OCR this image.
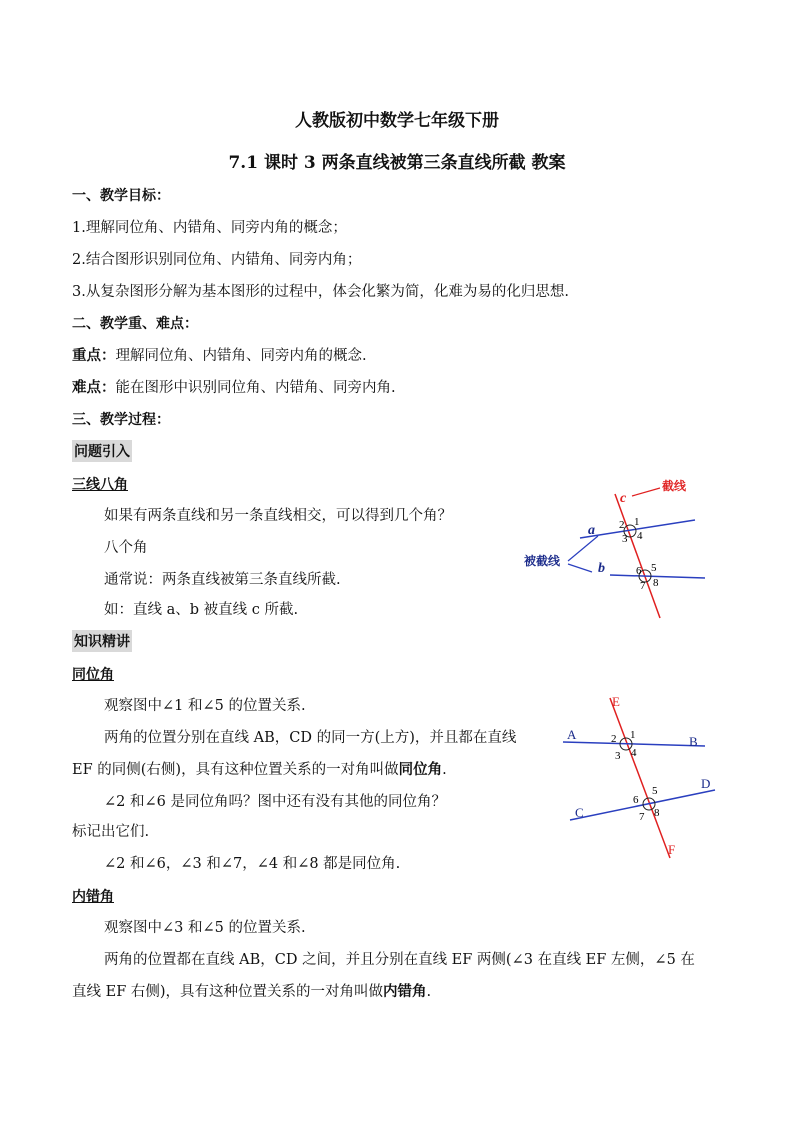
人教版初中数学七年级下册
7.1 课时 3 两条直线被第三条直线所截 教案
一、教学目标：
1.理解同位角、内错角、同旁内角的概念；
2.结合图形识别同位角、内错角、同旁内角；
3.从复杂图形分解为基本图形的过程中，体会化繁为简，化难为易的化归思想.
二、教学重、难点：
重点：理解同位角、内错角、同旁内角的概念.
难点：能在图形中识别同位角、内错角、同旁内角.
三、教学过程：
问题引入
三线八角
如果有两条直线和另一条直线相交，可以得到几个角？
八个角
通常说：两条直线被第三条直线所截.
如：直线 a、b 被直线 c 所截.
截线
被截线
c
a
b
1
2
3 4
5
6
7 8
知识精讲
同位角
观察图中∠1 和∠5 的位置关系.
两角的位置分别在直线 AB，CD 的同一方(上方)，并且都在直线
EF 的同侧(右侧)，具有这种位置关系的一对角叫做同位角.
∠2 和∠6 是同位角吗？图中还有没有其他的同位角？
标记出它们.
∠2 和∠6，∠3 和∠7，∠4 和∠8 都是同位角.
E
F
A	B
C
D
1
2
3 4
5
6
7 8
内错角
观察图中∠3 和∠5 的位置关系.
两角的位置都在直线 AB，CD 之间，并且分别在直线 EF 两侧(∠3 在直线 EF 左侧，∠5 在
直线 EF 右侧)，具有这种位置关系的一对角叫做内错角.
